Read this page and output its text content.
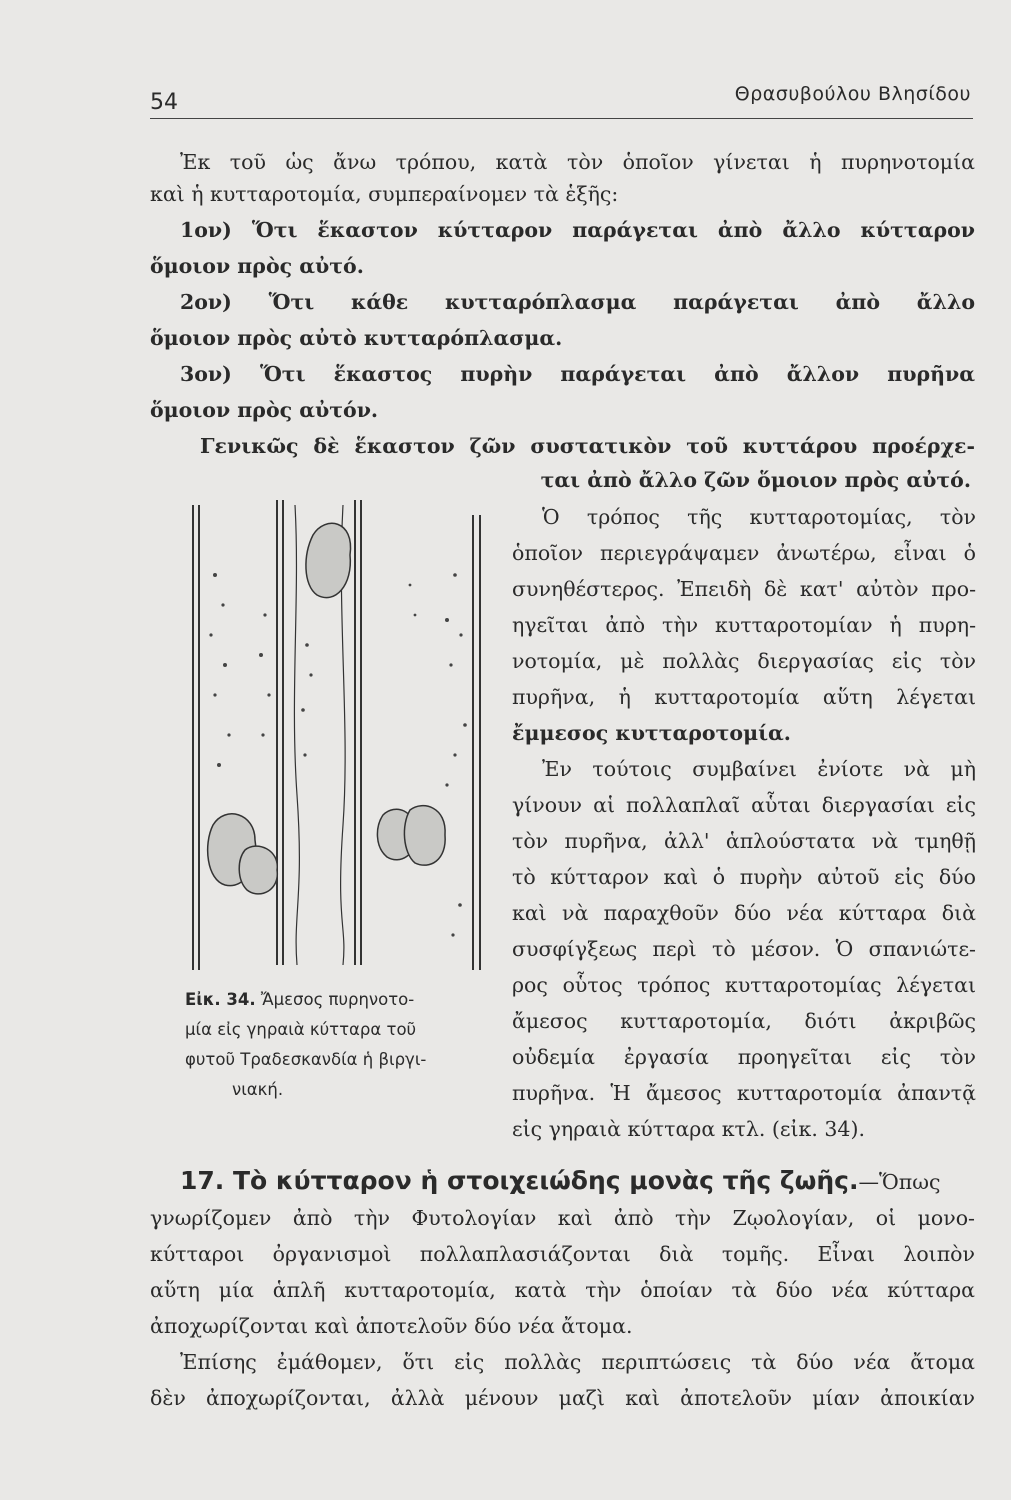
54	Θρασυβούλου Βλησίδου
Ἐκ τοῦ ὡς ἄνω τρόπου, κατὰ τὸν ὁποῖον γίνεται ἡ πυρηνοτομία
καὶ ἡ κυτταροτομία, συμπεραίνομεν τὰ ἑξῆς:
1ον) Ὅτι ἕκαστον κύτταρον παράγεται ἀπὸ ἄλλο κύτταρον
ὅμοιον πρὸς αὐτό.
2ον) Ὅτι κάθε κυτταρόπλασμα παράγεται ἀπὸ ἄλλο
ὅμοιον πρὸς αὐτὸ κυτταρόπλασμα.
3ον) Ὅτι ἕκαστος πυρὴν παράγεται ἀπὸ ἄλλον πυρῆνα
ὅμοιον πρὸς αὐτόν.
Γενικῶς δὲ ἕκαστον ζῶν συστατικὸν τοῦ κυττάρου προέρχε-
ται ἀπὸ ἄλλο ζῶν ὅμοιον πρὸς αὐτό.
Εἰκ. 34. Ἄμεσος πυρηνοτο-
μία εἰς γηραιὰ κύτταρα τοῦ
φυτοῦ Τραδεσκανδία ἡ βιργι-
νιακή.
Ὁ τρόπος τῆς κυτταροτομίας, τὸν
ὁποῖον περιεγράψαμεν ἀνωτέρω, εἶναι ὁ
συνηθέστερος. Ἐπειδὴ δὲ κατ' αὐτὸν προ-
ηγεῖται ἀπὸ τὴν κυτταροτομίαν ἡ πυρη-
νοτομία, μὲ πολλὰς διεργασίας εἰς τὸν
πυρῆνα, ἡ κυτταροτομία αὕτη λέγεται
ἔμμεσος κυτταροτομία.
Ἐν τούτοις συμβαίνει ἐνίοτε νὰ μὴ
γίνουν αἱ πολλαπλαῖ αὗται διεργασίαι εἰς
τὸν πυρῆνα, ἀλλ' ἁπλούστατα νὰ τμηθῇ
τὸ κύτταρον καὶ ὁ πυρὴν αὐτοῦ εἰς δύο
καὶ νὰ παραχθοῦν δύο νέα κύτταρα διὰ
συσφίγξεως περὶ τὸ μέσον. Ὁ σπανιώτε-
ρος οὗτος τρόπος κυτταροτομίας λέγεται
ἄμεσος κυτταροτομία, διότι ἀκριβῶς
οὐδεμία ἐργασία προηγεῖται εἰς τὸν
πυρῆνα. Ἡ ἄμεσος κυτταροτομία ἀπαντᾷ
εἰς γηραιὰ κύτταρα κτλ. (εἰκ. 34).
17. Τὸ κύτταρον ἡ στοιχειώδης μονὰς τῆς ζωῆς.—Ὅπως
γνωρίζομεν ἀπὸ τὴν Φυτολογίαν καὶ ἀπὸ τὴν Ζῳολογίαν, οἱ μονο-
κύτταροι ὀργανισμοὶ πολλαπλασιάζονται διὰ τομῆς. Εἶναι λοιπὸν
αὕτη μία ἁπλῆ κυτταροτομία, κατὰ τὴν ὁποίαν τὰ δύο νέα κύτταρα
ἀποχωρίζονται καὶ ἀποτελοῦν δύο νέα ἄτομα.
Ἐπίσης ἐμάθομεν, ὅτι εἰς πολλὰς περιπτώσεις τὰ δύο νέα ἄτομα
δὲν ἀποχωρίζονται, ἀλλὰ μένουν μαζὶ καὶ ἀποτελοῦν μίαν ἀποικίαν
